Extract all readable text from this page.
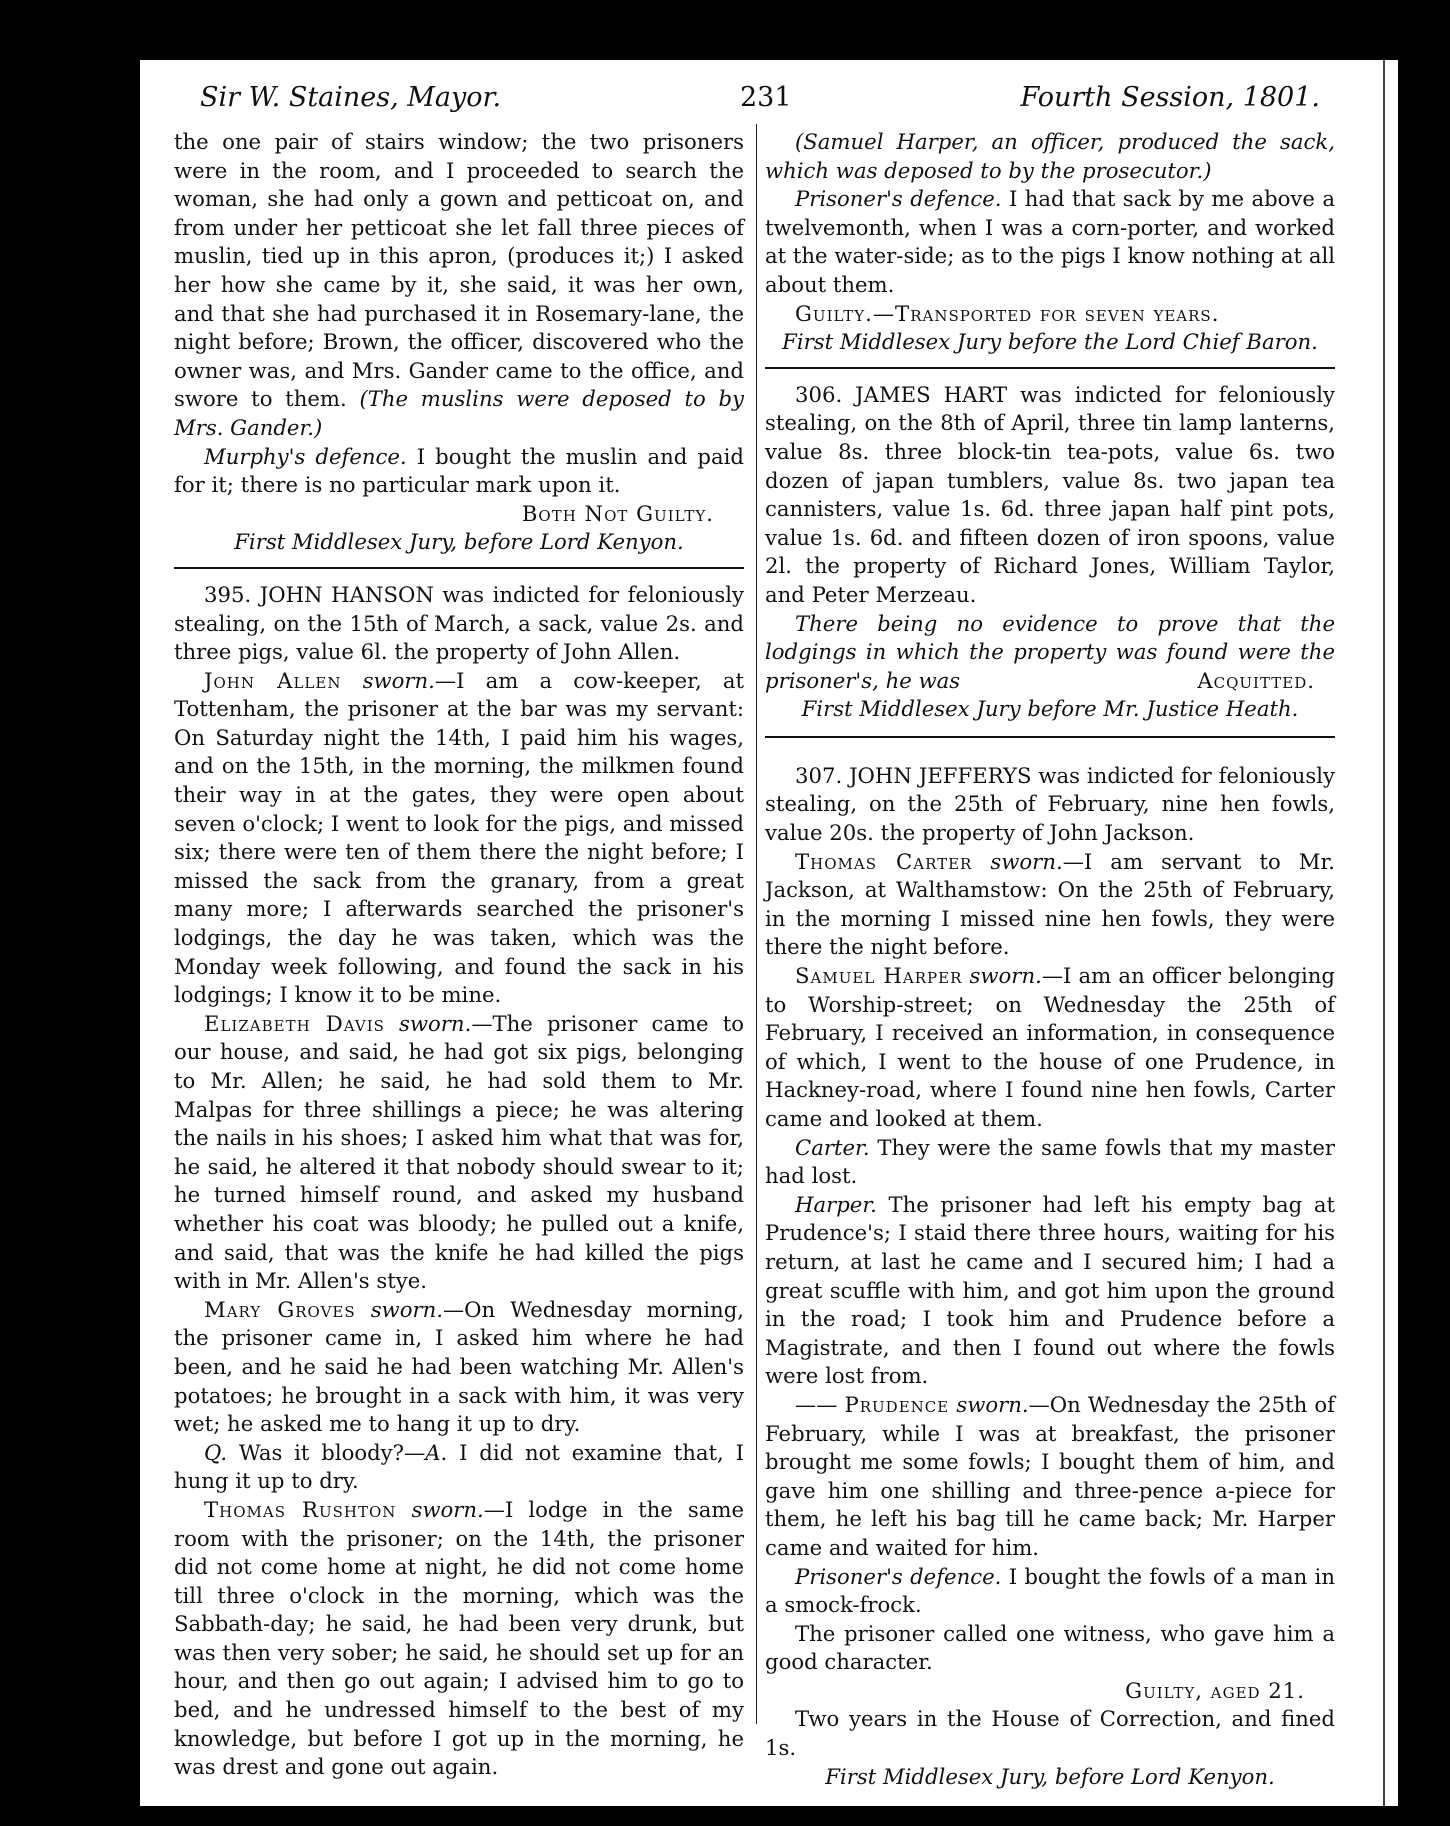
Sir W. Staines, Mayor.	231	Fourth Session, 1801.

the one pair of stairs window; the two prisoners were in the room, and I proceeded to search the woman, she had only a gown and petticoat on, and from under her petticoat she let fall three pieces of muslin, tied up in this apron, (produces it;) I asked her how she came by it, she said, it was her own, and that she had purchased it in Rosemary-lane, the night before; Brown, the officer, discovered who the owner was, and Mrs. Gander came to the office, and swore to them. (The muslins were deposed to by Mrs. Gander.)

Murphy's defence. I bought the muslin and paid for it; there is no particular mark upon it.

Both Not Guilty.

First Middlesex Jury, before Lord Kenyon.

395. JOHN HANSON was indicted for feloniously stealing, on the 15th of March, a sack, value 2s. and three pigs, value 6l. the property of John Allen.

John Allen sworn.—I am a cow-keeper, at Tottenham, the prisoner at the bar was my servant: On Saturday night the 14th, I paid him his wages, and on the 15th, in the morning, the milkmen found their way in at the gates, they were open about seven o'clock; I went to look for the pigs, and missed six; there were ten of them there the night before; I missed the sack from the granary, from a great many more; I afterwards searched the prisoner's lodgings, the day he was taken, which was the Monday week following, and found the sack in his lodgings; I know it to be mine.

Elizabeth Davis sworn.—The prisoner came to our house, and said, he had got six pigs, belonging to Mr. Allen; he said, he had sold them to Mr. Malpas for three shillings a piece; he was altering the nails in his shoes; I asked him what that was for, he said, he altered it that nobody should swear to it; he turned himself round, and asked my husband whether his coat was bloody; he pulled out a knife, and said, that was the knife he had killed the pigs with in Mr. Allen's stye.

Mary Groves sworn.—On Wednesday morning, the prisoner came in, I asked him where he had been, and he said he had been watching Mr. Allen's potatoes; he brought in a sack with him, it was very wet; he asked me to hang it up to dry.

Q. Was it bloody?—A. I did not examine that, I hung it up to dry.

Thomas Rushton sworn.—I lodge in the same room with the prisoner; on the 14th, the prisoner did not come home at night, he did not come home till three o'clock in the morning, which was the Sabbath-day; he said, he had been very drunk, but was then very sober; he said, he should set up for an hour, and then go out again; I advised him to go to bed, and he undressed himself to the best of my knowledge, but before I got up in the morning, he was drest and gone out again.

(Samuel Harper, an officer, produced the sack, which was deposed to by the prosecutor.)

Prisoner's defence. I had that sack by me above a twelvemonth, when I was a corn-porter, and worked at the water-side; as to the pigs I know nothing at all about them.

Guilty.—Transported for seven years.

First Middlesex Jury before the Lord Chief Baron.

306. JAMES HART was indicted for feloniously stealing, on the 8th of April, three tin lamp lanterns, value 8s. three block-tin tea-pots, value 6s. two dozen of japan tumblers, value 8s. two japan tea cannisters, value 1s. 6d. three japan half pint pots, value 1s. 6d. and fifteen dozen of iron spoons, value 2l. the property of Richard Jones, William Taylor, and Peter Merzeau.

There being no evidence to prove that the lodgings in which the property was found were the prisoner's, he was	Acquitted.

First Middlesex Jury before Mr. Justice Heath.

307. JOHN JEFFERYS was indicted for feloniously stealing, on the 25th of February, nine hen fowls, value 20s. the property of John Jackson.

Thomas Carter sworn.—I am servant to Mr. Jackson, at Walthamstow: On the 25th of February, in the morning I missed nine hen fowls, they were there the night before.

Samuel Harper sworn.—I am an officer belonging to Worship-street; on Wednesday the 25th of February, I received an information, in consequence of which, I went to the house of one Prudence, in Hackney-road, where I found nine hen fowls, Carter came and looked at them.

Carter. They were the same fowls that my master had lost.

Harper. The prisoner had left his empty bag at Prudence's; I staid there three hours, waiting for his return, at last he came and I secured him; I had a great scuffle with him, and got him upon the ground in the road; I took him and Prudence before a Magistrate, and then I found out where the fowls were lost from.

—— Prudence sworn.—On Wednesday the 25th of February, while I was at breakfast, the prisoner brought me some fowls; I bought them of him, and gave him one shilling and three-pence a-piece for them, he left his bag till he came back; Mr. Harper came and waited for him.

Prisoner's defence. I bought the fowls of a man in a smock-frock.

The prisoner called one witness, who gave him a good character.

Guilty, aged 21.

Two years in the House of Correction, and fined 1s.

First Middlesex Jury, before Lord Kenyon.
